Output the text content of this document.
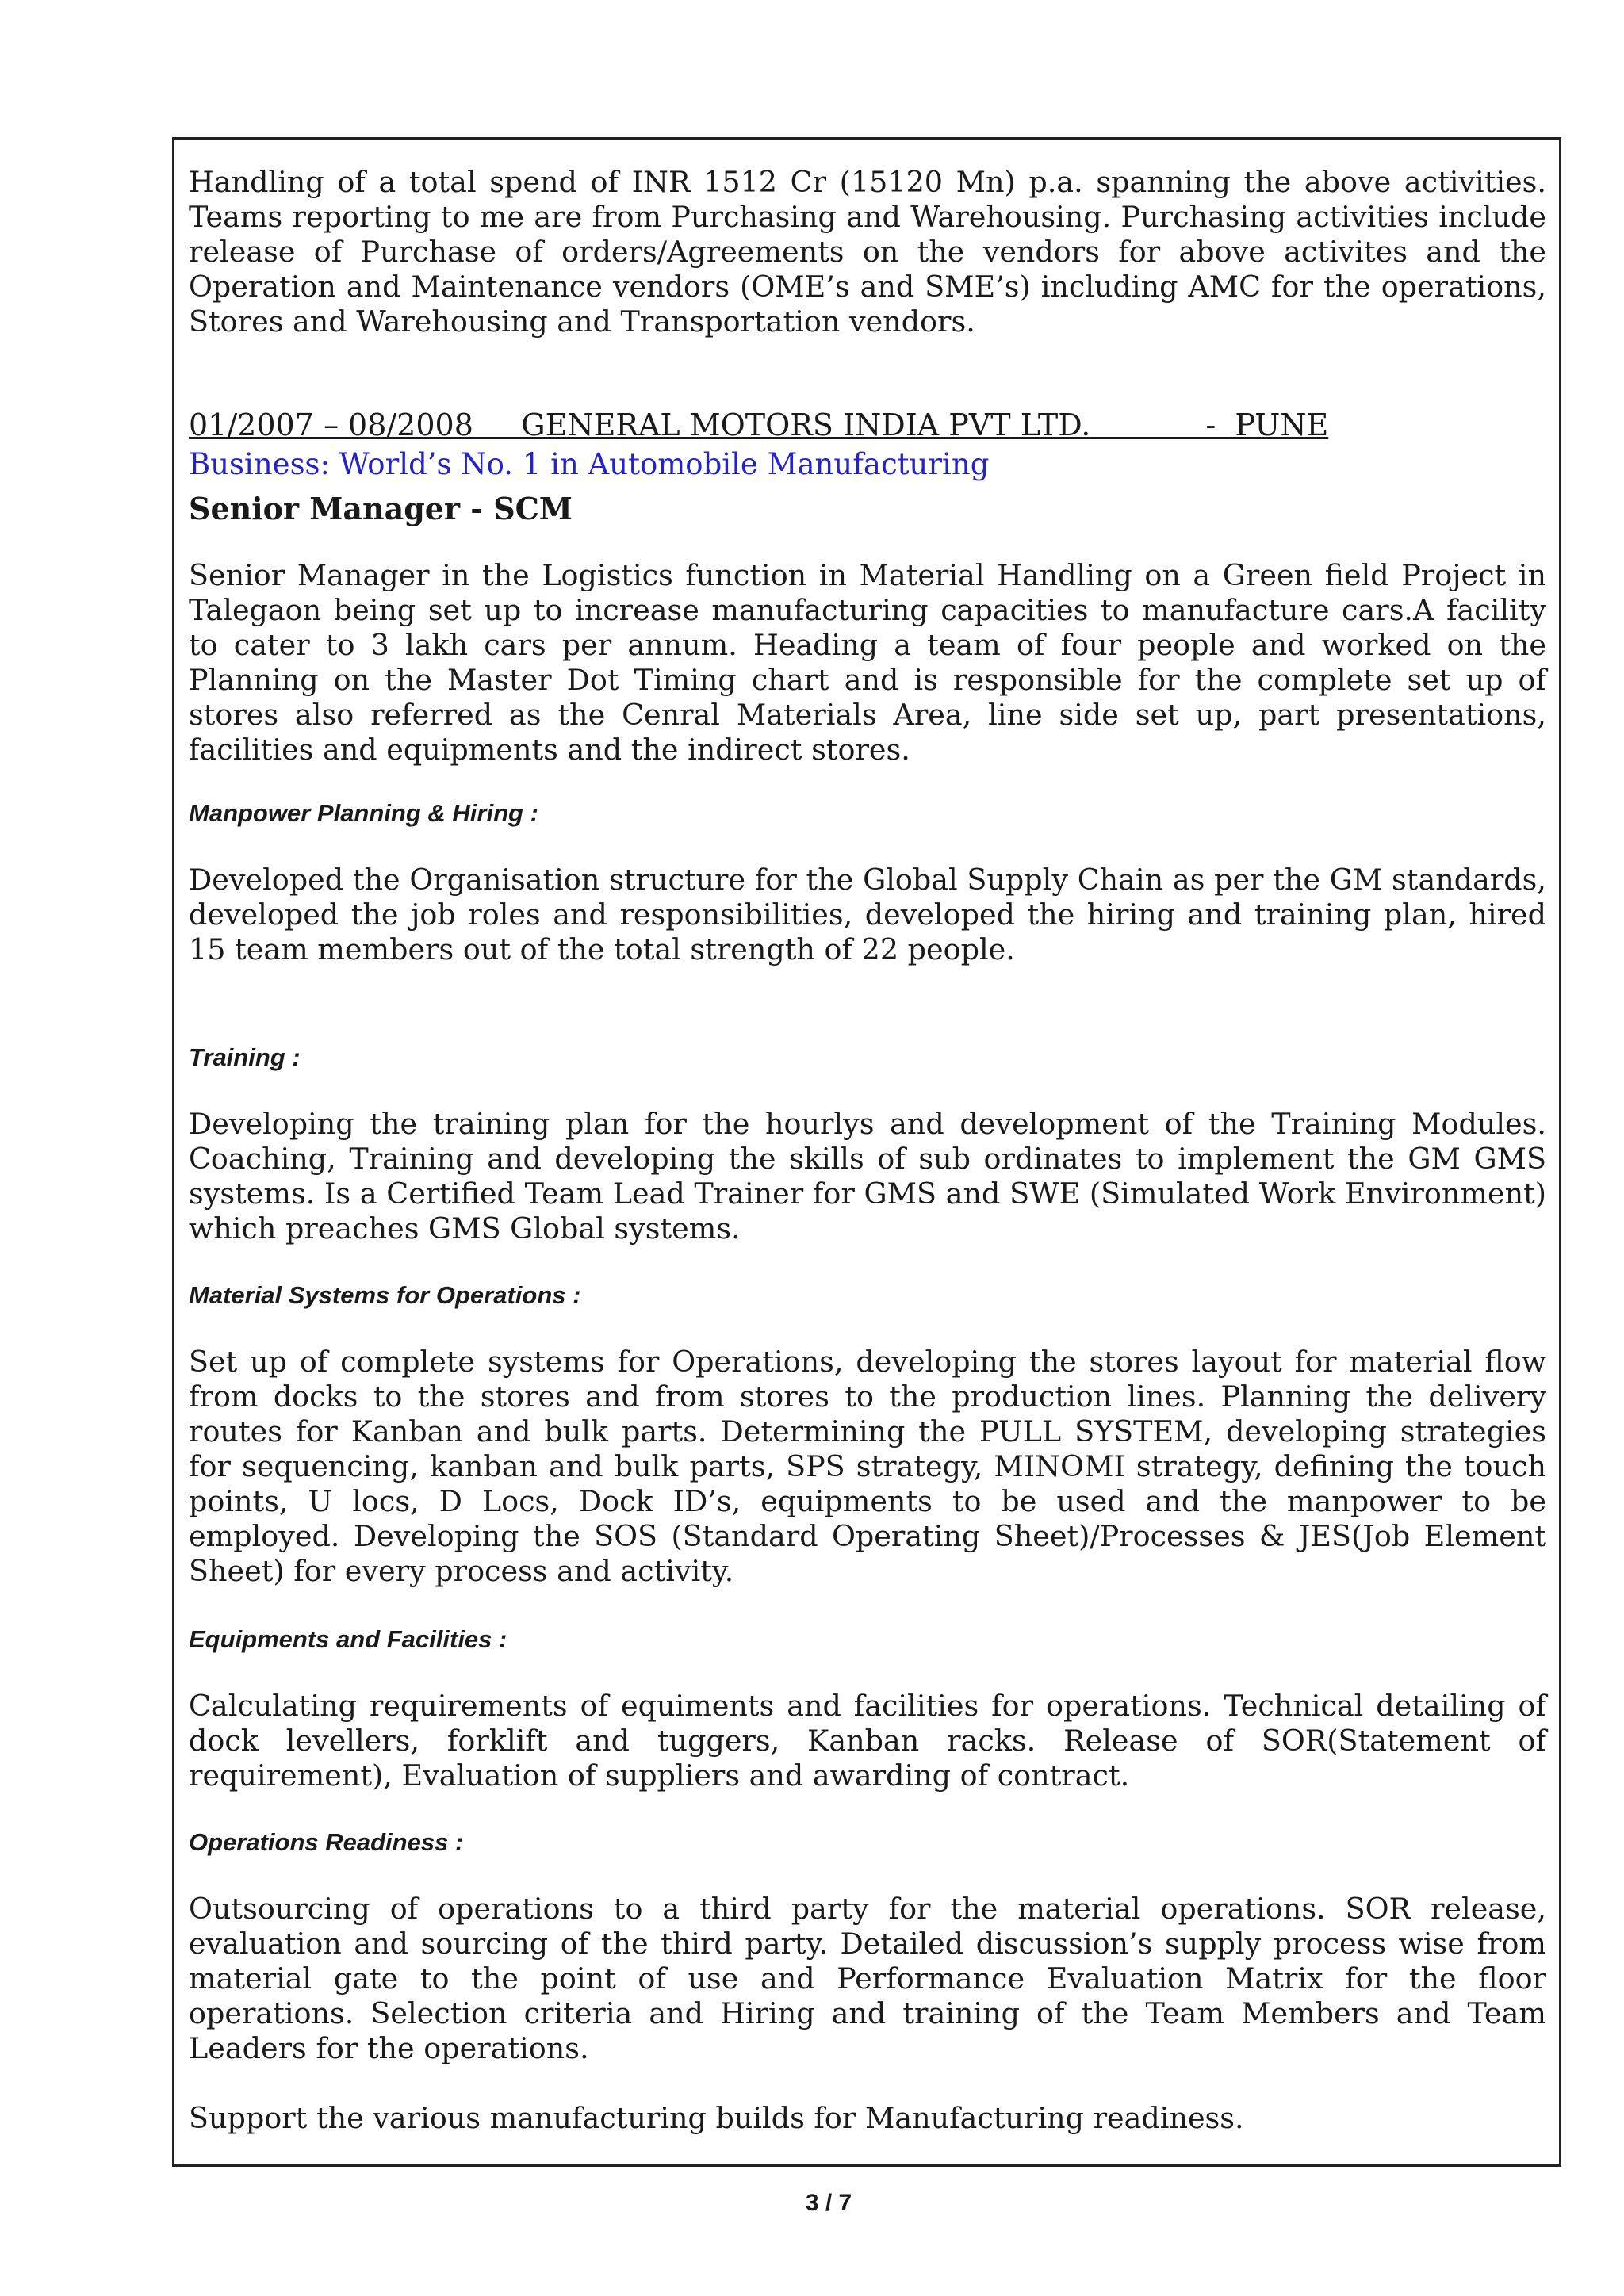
Handling of a total spend of INR 1512 Cr (15120 Mn) p.a. spanning the above activities. Teams reporting to me are from Purchasing and Warehousing. Purchasing activities include release of Purchase of orders/Agreements on the vendors for above activites and the Operation and Maintenance vendors (OME’s and SME’s) including AMC for the operations, Stores and Warehousing and Transportation vendors.

01/2007 – 08/2008     GENERAL MOTORS INDIA PVT LTD.            -  PUNE

Business: World’s No. 1 in Automobile Manufacturing

Senior Manager - SCM

Senior Manager in the Logistics function in Material Handling on a Green field Project in Talegaon being set up to increase manufacturing capacities to manufacture cars.A facility to cater to 3 lakh cars per annum. Heading a team of four people and worked on the Planning on the Master Dot Timing chart and is responsible for the complete set up of stores also referred as the Cenral Materials Area, line side set up, part presentations, facilities and equipments and the indirect stores.

Manpower Planning & Hiring :

Developed the Organisation structure for the Global Supply Chain as per the GM standards, developed the job roles and responsibilities, developed the hiring and training plan, hired 15 team members out of the total strength of 22 people.

Training :

Developing the training plan for the hourlys and development of the Training Modules. Coaching, Training and developing the skills of sub ordinates to implement the GM GMS systems. Is a Certified Team Lead Trainer for GMS and SWE (Simulated Work Environment) which preaches GMS Global systems.

Material Systems for Operations :

Set up of complete systems for Operations, developing the stores layout for material flow from docks to the stores and from stores to the production lines. Planning the delivery routes for Kanban and bulk parts. Determining the PULL SYSTEM, developing strategies for sequencing, kanban and bulk parts, SPS strategy, MINOMI strategy, defining the touch points, U locs, D Locs, Dock ID’s, equipments to be used and the manpower to be employed. Developing the SOS (Standard Operating Sheet)/Processes & JES(Job Element Sheet) for every process and activity.

Equipments and Facilities :

Calculating requirements of equiments and facilities for operations. Technical detailing of dock levellers, forklift and tuggers, Kanban racks. Release of SOR(Statement of requirement), Evaluation of suppliers and awarding of contract.

Operations Readiness :

Outsourcing of operations to a third party for the material operations. SOR release, evaluation and sourcing of the third party. Detailed discussion’s supply process wise from material gate to the point of use and Performance Evaluation Matrix for the floor operations. Selection criteria and Hiring and training of the Team Members and Team Leaders for the operations.

Support the various manufacturing builds for Manufacturing readiness.

3 / 7
